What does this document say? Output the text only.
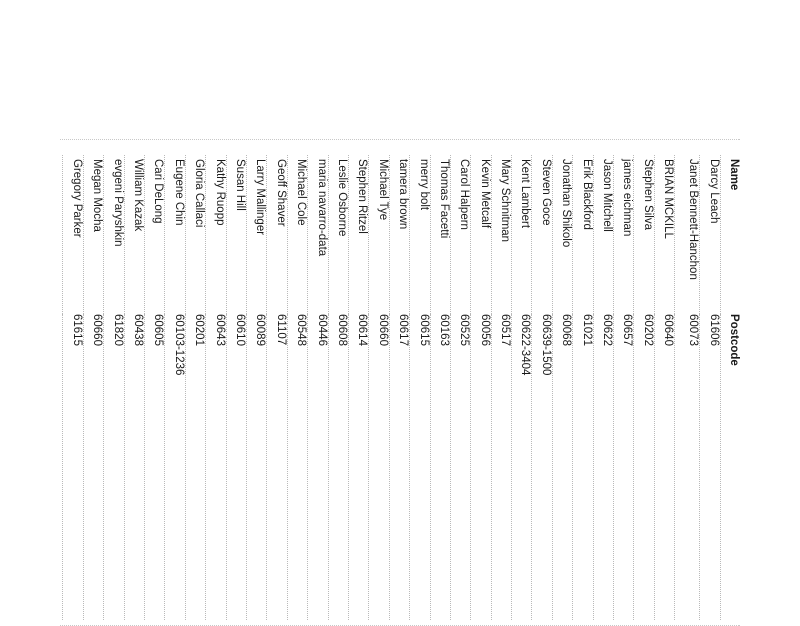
Name	Postcode
Darcy Leach	61606
Janet Bennett-Hanchon	60073
BRIAN MCKILL	60640
Stephen Silva	60202
james eichman	60657
Jason Mitchell	60622
Erik Blackford	61021
Jonathan Shikolo	60068
Steven Goce	60639-1500
Kent Lambert	60622-3404
Mary Schnitman	60517
Kevin Metcalf	60056
Carol Halpern	60525
Thomas Facetti	60163
merry bolt	60615
tamera brown	60617
Michael Tye	60660
Stephen Ritzel	60614
Leslie Osborne	60608
maria navarro-data	60446
Michael Cole	60548
Geoff Shaver	61107
Larry Mallinger	60089
Susan Hill	60610
Kathy Ruopp	60643
Gloria Callaci	60201
Eugene Chin	60103-1236
Cari DeLong	60605
William Kazak	60438
evgeni Paryshkin	61820
Megan Mocha	60660
Gregory Parker	61615
